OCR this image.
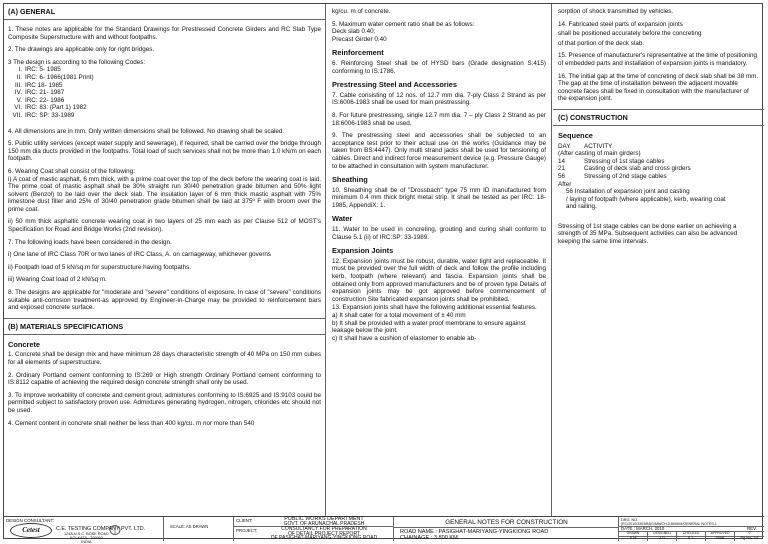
(A) GENERAL

1. These notes are applicable for the Standard Drawings for Prestressed Concrete Girders and RC Slab Type Composite Superstructure with and without footpaths.

2. The drawings are applicable only for right bridges.

3 The design is according to the following Codes:
I. IRC: 5- 1985
II. IRC: 6- 1966(1981 Print)
III. IRC 18- 1985
IV. IRC: 21- 1987
V. IRC: 22- 1986
VI. IRC: 83: (Part 1) 1982
VII. IRC: SP: 33-1989

4. All dimensions are in mm. Only written dimensions shall be followed. No drawing shall be scaled.

5. Public utility services (except water supply and sewerage), if required, shall be carried over the bridge through 150 mm dia ducts provided in the footpaths. Total load of such services shall not be more than 1.0 kN/m on each footpath.

6. Wearing Coat shall consist of the following:
i) A coat of mastic asphalt, 6 mm thick, with a prime coat over the top of the deck before the wearing coat is laid. The prime coat of mastic asphalt shall be 30% straight run 30/40 penetration grade bitumen and 50% light solvent (Benzol) to be laid over the deck slab. The insulation layer of 6 mm thick mastic asphalt with 75% limestone dust filler and 25% of 30/40 penetration grade bitumen shall be laid at 375º F with broom over the prime coat.

ii) 50 mm thick asphaltic concrete wearing coat in two layers of 25 mm each as per Clause 512 of MOST's Specification for Road and Bridge Works (2nd revision).

7. The following loads have been considered in the design.

i) One lane of IRC Class 70R or two lanes of IRC Class, A. on carriageway, whichever governs

ii) Footpath load of 5 kN/sq.m for superstructure having footpaths.

iii) Wearing Coat load of 2 kN/sq m.

8. The designs are applicable for "moderate and "severe" conditions of exposure. In case of "severe" conditions suitable anti-corrosion treatment-as approved by Engineer-in-Charge may be provided to reinforcement bars and exposed concrete surface.

(B) MATERIALS SPECIFICATIONS
Concrete

1. Concrete shall be design mix and have minimum 28 days characteristic strength of 40 MPa on 150 mm cubes for all elements of superstructure.

2. Ordinary Portland cement conforming to IS:269 or High strength Ordinary Portland cement conforming to IS:8112 capable of achieving the required design concrete strength shall only be used.

3. To improve workability of concrete and cement grout, admixtures conforming to IS:6925 and IS:9103 could be permitted subject to satisfactory proven use. Admixtures generating hydrogen, nitrogen, chlorides etc should not be used.

4. Cement content in concrete shall neither be less than 400 kg/cu. m nor more than 540

kg/cu. m of concrete.

5. Maximum water cement ratio shall be as follows:
Deck slab 0.40;
Precast Girder 0.40

Reinforcement

6. Reinforcing Steel shall be of HYSD bars (Grade designation S:415) conforming to IS:1786.

Prestressing Steel and Accessories

7. Cable consisting of 12 nos. of 12.7 mm dia. 7-ply Class 2 Strand as per IS:6006-1983 shall be used for main prestressing.

8. For future prestressing, single 12.7 mm dia. 7 – ply Class 2 Strand as per 18:6006-1983 shall be used.

9. The prestressing steel and accessories shall be subjected to an acceptance test prior to their actual use on the works (Guidance may be taken from BS:4447). Only multi strand jacks shall be used for tensioning of cables. Direct and indirect force measurement device (e.g. Pressure Gauge) to be attached in consultation with system manufacturer.

Sheathing

10. Sheathing shall be of "Drossbach" type 75 mm ID manufactured from minimum 0.4 mm thick bright metal strip. It shall be tested as per IRC: 18-1985, AppendiX: 1.

Water

11. Water to be used in concreting, grouting and curing shall conform to Clause 5.1 (ii) of IRC:SP: 33-1989.

Expansion Joints

12. Expansion joints must be robust, durable, water tight and replaceable. It must be provided over the full width of deck and follow the profile including kerb, footpath (where relevant) and fascia. Expansion joints shall be obtained only from approved manufacturers and be of proven type Details of expansion joints may be got approved before commencement of construction Site fabricated expansion joints shall be prohibited.

13. Expansion joints shall have the following additional essential features.
a) It shall cater for a total movement of ± 40 mm
b) It shall be provided with a water proof membrane to ensure against leakage below the joint.
c) It shall have a cushion of elastomer to enable ab-

sorption of shock transmitted by vehicles.

14. Fabricated steel parts of expansion joints

shall be positioned accurately before the concreting

of that portion of the deck slab.

15. Presence of manufacturer's representative at the time of positioning of embedded parts and installation of expansion joints is mandatory.

16. The initial gap at the time of concreting of deck slab shall be 38 mm. The gap at the time of installation between the adjacent movable concrete faces shall be fixed in consultation with the manufacturer of the expansion joint.

(C) CONSTRUCTION
Sequence
DAY	ACTIVITY
(After casting of main girders)
14	Stressing of 1st stage cables
21	Casting of deck slab and cross girders
56	Stressing of 2nd stage cables
After
56 Installation of expansion joint and casting
/ laying of footpath (where applicable), kerb, wearing coat
and railing.

Stressing of 1st stage cables can be done earlier on achieving a strength of 35 MPa. Subsequent activities can also be advanced keeping the same time intervals.

DESIGN CONSULTANT:
Cetest	C.E. TESTING COMPANY PVT. LTD.
124A,N.S.C. BOSE ROAD
KOLKATA - 700092
INDIA
SCALE: AS DRAWN
CLIENT:	PUBLIC WORKS DEPARTMENT
GOVT. OF ARUNACHAL PRADESH
PROJECT:	CONSULTANCY FOR PREPARATION
OF DETAIL PROJECT REPORT
OF PASIGHAT-MARIYANG-YINGKIONG ROAD
GENERAL NOTES FOR CONSTRUCTION
ROAD NAME : PASIGHAT-MARIYANG-YINGKIONG ROAD
CHAINAGE : 3.800 KM.
DRG. NO.
(EC/2010/3303/BDG/MN/CH-3.800KM/GENERAL NOTES-1
DATE : MARCH, 2010	REV.
DRAWN	DESIGNED	CHECKED	APPROVED	0
S.M	J.D	S.T.	DMN	Pg.No. 1/4
